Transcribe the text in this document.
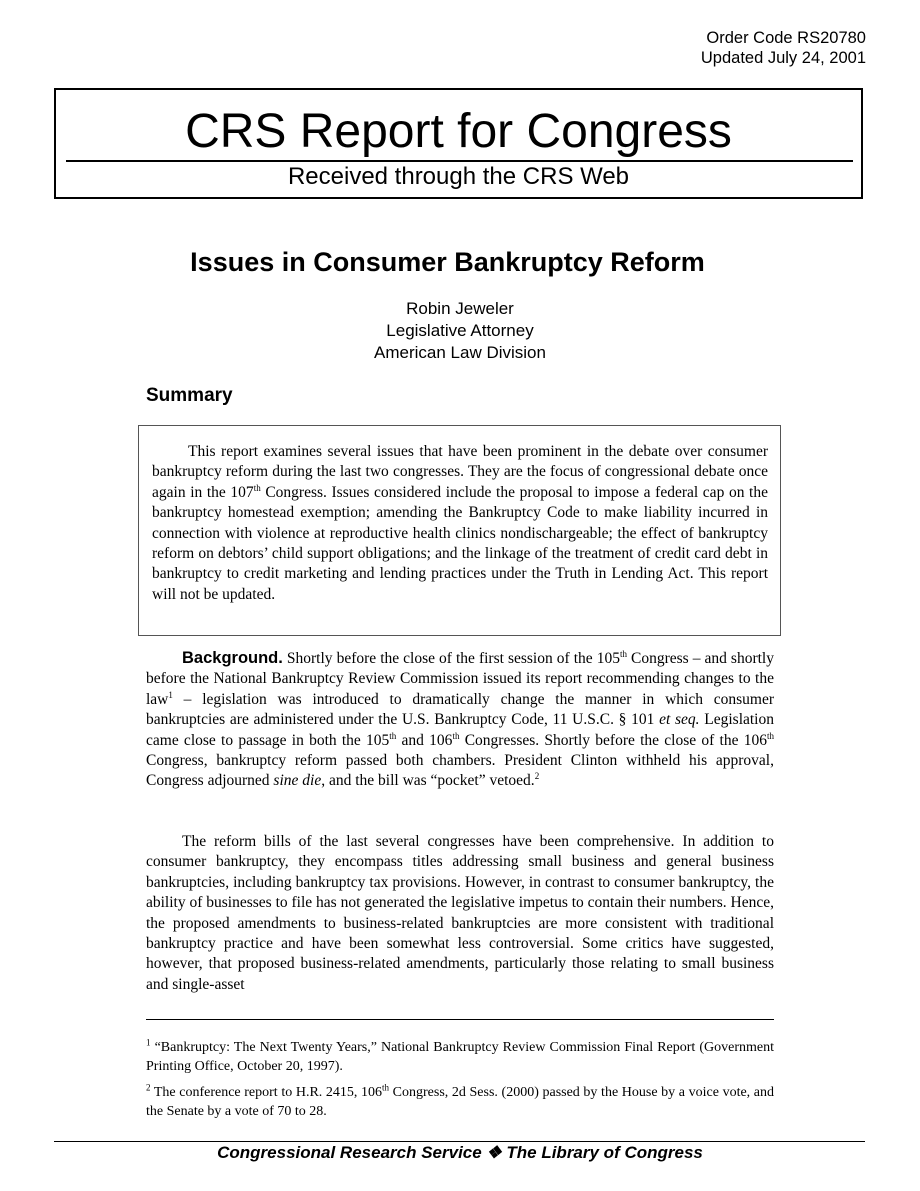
Order Code RS20780
Updated July 24, 2001
CRS Report for Congress
Received through the CRS Web
Issues in Consumer Bankruptcy Reform
Robin Jeweler
Legislative Attorney
American Law Division
Summary

This report examines several issues that have been prominent in the debate over consumer bankruptcy reform during the last two congresses. They are the focus of congressional debate once again in the 107th Congress. Issues considered include the proposal to impose a federal cap on the bankruptcy homestead exemption; amending the Bankruptcy Code to make liability incurred in connection with violence at reproductive health clinics nondischargeable; the effect of bankruptcy reform on debtors’ child support obligations; and the linkage of the treatment of credit card debt in bankruptcy to credit marketing and lending practices under the Truth in Lending Act. This report will not be updated.

Background. Shortly before the close of the first session of the 105th Congress – and shortly before the National Bankruptcy Review Commission issued its report recommending changes to the law$^1$ – legislation was introduced to dramatically change the manner in which consumer bankruptcies are administered under the U.S. Bankruptcy Code, 11 U.S.C. § 101 et seq. Legislation came close to passage in both the 105th and 106th Congresses. Shortly before the close of the 106th Congress, bankruptcy reform passed both chambers. President Clinton withheld his approval, Congress adjourned sine die, and the bill was “pocket” vetoed.$^2$

The reform bills of the last several congresses have been comprehensive. In addition to consumer bankruptcy, they encompass titles addressing small business and general business bankruptcies, including bankruptcy tax provisions. However, in contrast to consumer bankruptcy, the ability of businesses to file has not generated the legislative impetus to contain their numbers. Hence, the proposed amendments to business-related bankruptcies are more consistent with traditional bankruptcy practice and have been somewhat less controversial. Some critics have suggested, however, that proposed business-related amendments, particularly those relating to small business and single-asset

$^1$ “Bankruptcy: The Next Twenty Years,” National Bankruptcy Review Commission Final Report (Government Printing Office, October 20, 1997).

$^2$ The conference report to H.R. 2415, 106th Congress, 2d Sess. (2000) passed by the House by a voice vote, and the Senate by a vote of 70 to 28.

Congressional Research Service ❖ The Library of Congress
